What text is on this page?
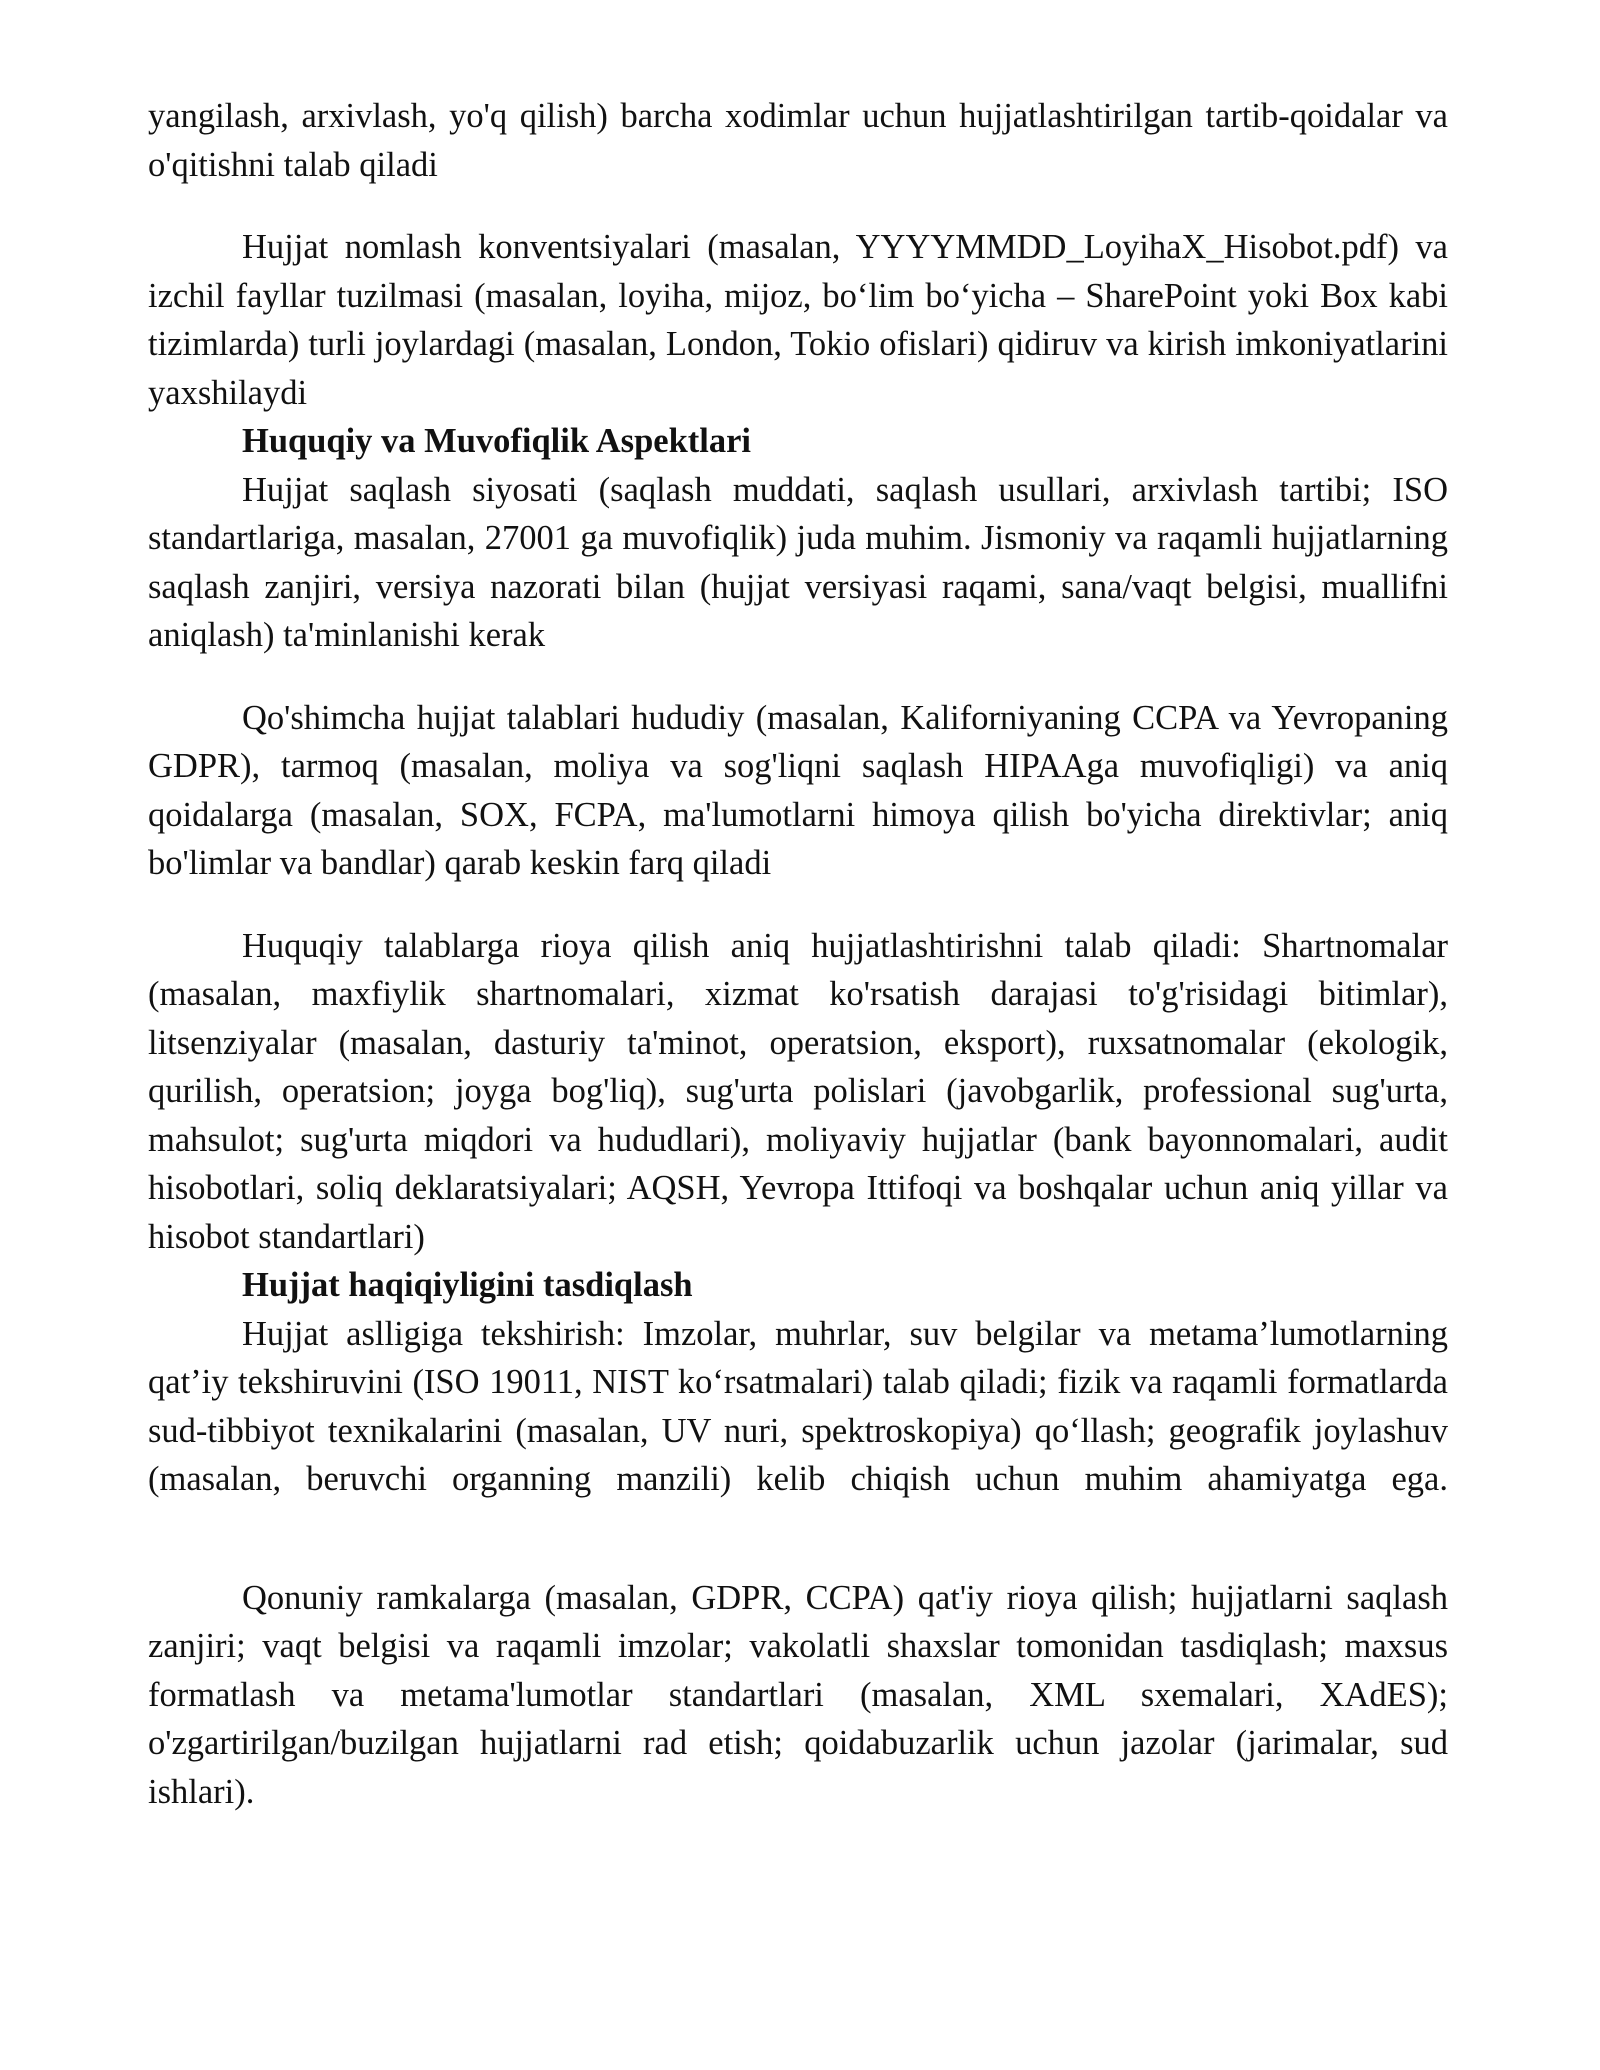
yangilash, arxivlash, yo'q qilish) barcha xodimlar uchun hujjatlashtirilgan tartib-qoidalar va o'qitishni talab qiladi

Hujjat nomlash konventsiyalari (masalan, YYYYMMDD_LoyihaX_Hisobot.pdf) va izchil fayllar tuzilmasi (masalan, loyiha, mijoz, bo‘lim bo‘yicha – SharePoint yoki Box kabi tizimlarda) turli joylardagi (masalan, London, Tokio ofislari) qidiruv va kirish imkoniyatlarini yaxshilaydi

Huquqiy va Muvofiqlik Aspektlari

Hujjat saqlash siyosati (saqlash muddati, saqlash usullari, arxivlash tartibi; ISO standartlariga, masalan, 27001 ga muvofiqlik) juda muhim. Jismoniy va raqamli hujjatlarning saqlash zanjiri, versiya nazorati bilan (hujjat versiyasi raqami, sana/vaqt belgisi, muallifni aniqlash) ta'minlanishi kerak

Qo'shimcha hujjat talablari hududiy (masalan, Kaliforniyaning CCPA va Yevropaning GDPR), tarmoq (masalan, moliya va sog'liqni saqlash HIPAAga muvofiqligi) va aniq qoidalarga (masalan, SOX, FCPA, ma'lumotlarni himoya qilish bo'yicha direktivlar; aniq bo'limlar va bandlar) qarab keskin farq qiladi

Huquqiy talablarga rioya qilish aniq hujjatlashtirishni talab qiladi: Shartnomalar (masalan, maxfiylik shartnomalari, xizmat ko'rsatish darajasi to'g'risidagi bitimlar), litsenziyalar (masalan, dasturiy ta'minot, operatsion, eksport), ruxsatnomalar (ekologik, qurilish, operatsion; joyga bog'liq), sug'urta polislari (javobgarlik, professional sug'urta, mahsulot; sug'urta miqdori va hududlari), moliyaviy hujjatlar (bank bayonnomalari, audit hisobotlari, soliq deklaratsiyalari; AQSH, Yevropa Ittifoqi va boshqalar uchun aniq yillar va hisobot standartlari)

Hujjat haqiqiyligini tasdiqlash

Hujjat aslligiga tekshirish: Imzolar, muhrlar, suv belgilar va metama’lumotlarning qat’iy tekshiruvini (ISO 19011, NIST ko‘rsatmalari) talab qiladi; fizik va raqamli formatlarda sud-tibbiyot texnikalarini (masalan, UV nuri, spektroskopiya) qo‘llash; geografik joylashuv (masalan, beruvchi organning manzili) kelib chiqish uchun muhim ahamiyatga ega.

Qonuniy ramkalarga (masalan, GDPR, CCPA) qat'iy rioya qilish; hujjatlarni saqlash zanjiri; vaqt belgisi va raqamli imzolar; vakolatli shaxslar tomonidan tasdiqlash; maxsus formatlash va metama'lumotlar standartlari (masalan, XML sxemalari, XAdES); o'zgartirilgan/buzilgan hujjatlarni rad etish; qoidabuzarlik uchun jazolar (jarimalar, sud ishlari).
